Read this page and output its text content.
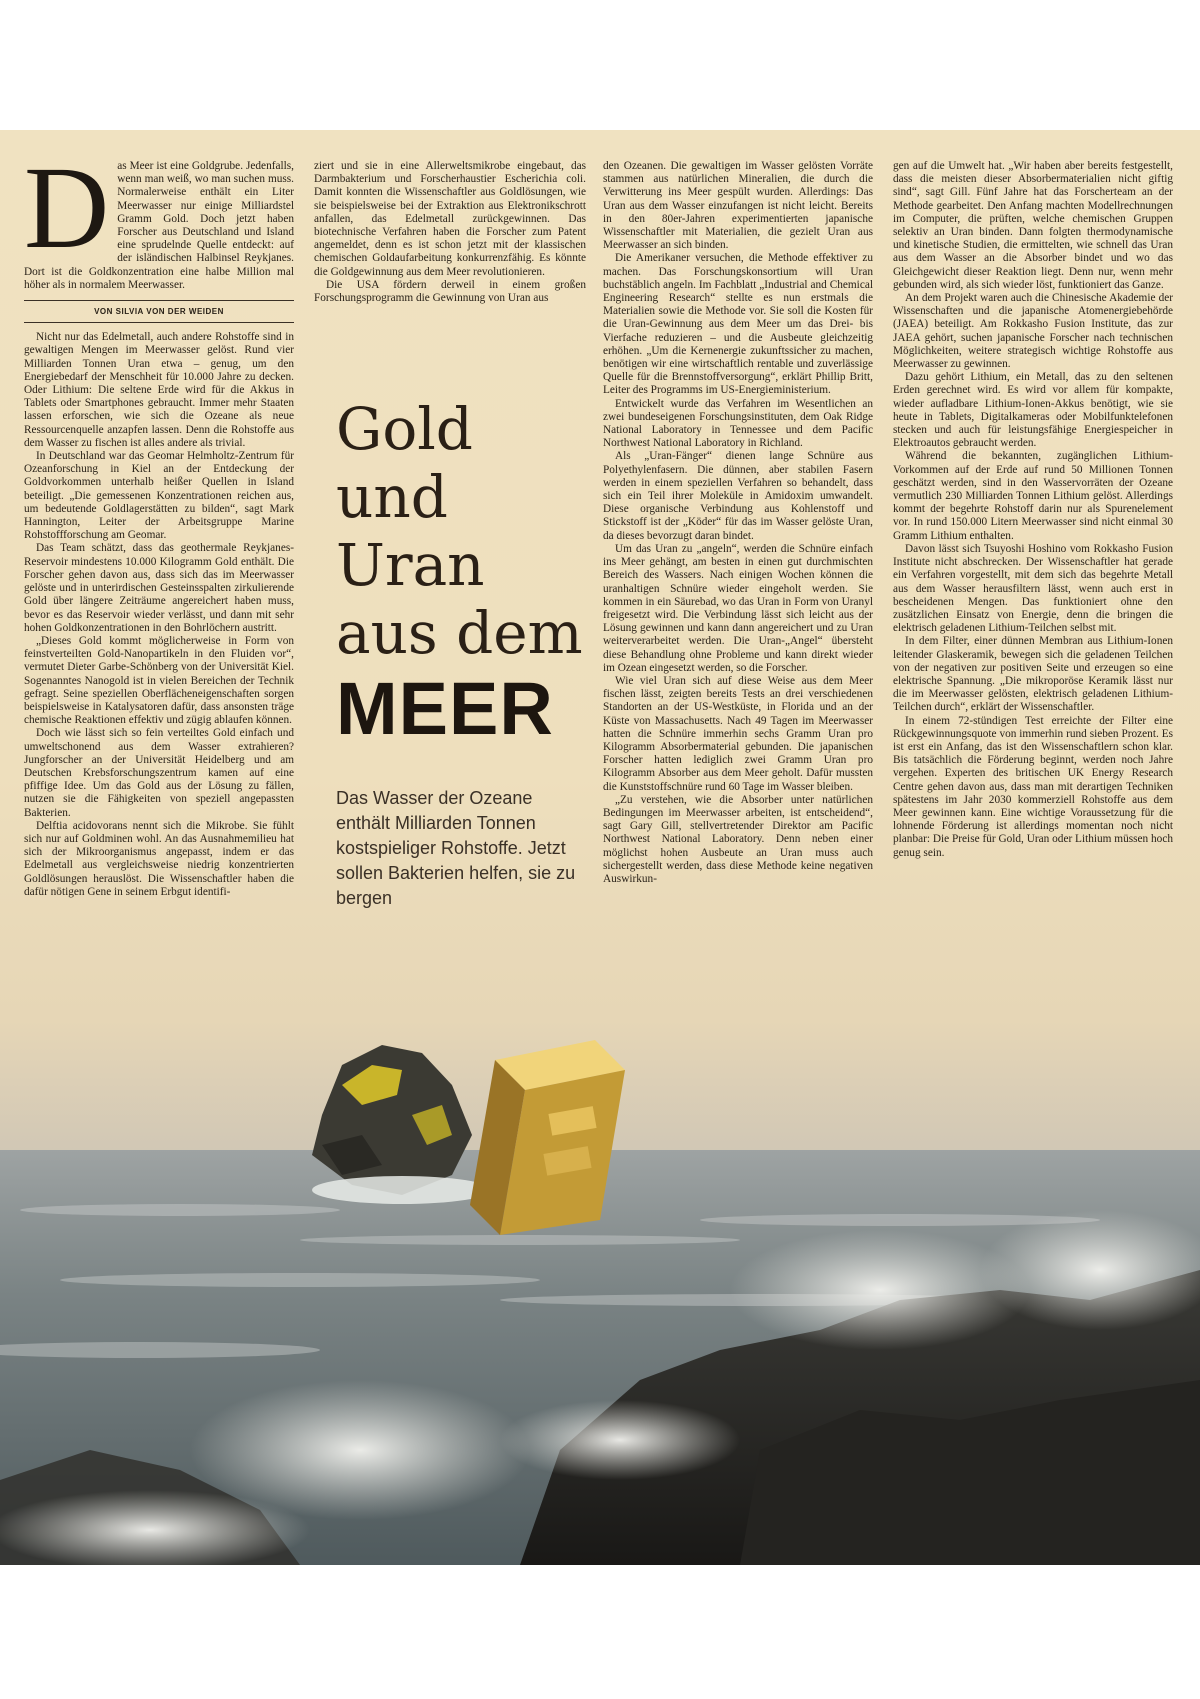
Das Meer ist eine Goldgrube. Jedenfalls, wenn man weiß, wo man suchen muss. Normalerweise enthält ein Liter Meerwasser nur einige Milliardstel Gramm Gold. Doch jetzt haben Forscher aus Deutschland und Island eine sprudelnde Quelle entdeckt: auf der isländischen Halbinsel Reykjanes. Dort ist die Goldkonzentration eine halbe Million mal höher als in normalem Meerwasser.

VON SILVIA VON DER WEIDEN

Nicht nur das Edelmetall, auch andere Rohstoffe sind in gewaltigen Mengen im Meerwasser gelöst. Rund vier Milliarden Tonnen Uran etwa – genug, um den Energiebedarf der Menschheit für 10.000 Jahre zu decken. Oder Lithium: Die seltene Erde wird für die Akkus in Tablets oder Smartphones gebraucht. Immer mehr Staaten lassen erforschen, wie sich die Ozeane als neue Ressourcenquelle anzapfen lassen. Denn die Rohstoffe aus dem Wasser zu fischen ist alles andere als trivial.

In Deutschland war das Geomar Helmholtz-Zentrum für Ozeanforschung in Kiel an der Entdeckung der Goldvorkommen unterhalb heißer Quellen in Island beteiligt. „Die gemessenen Konzentrationen reichen aus, um bedeutende Goldlagerstätten zu bilden“, sagt Mark Hannington, Leiter der Arbeitsgruppe Marine Rohstoffforschung am Geomar.

Das Team schätzt, dass das geothermale Reykjanes-Reservoir mindestens 10.000 Kilogramm Gold enthält. Die Forscher gehen davon aus, dass sich das im Meerwasser gelöste und in unterirdischen Gesteinsspalten zirkulierende Gold über längere Zeiträume angereichert haben muss, bevor es das Reservoir wieder verlässt, und dann mit sehr hohen Goldkonzentrationen in den Bohrlöchern austritt.

„Dieses Gold kommt möglicherweise in Form von feinstverteilten Gold-Nanopartikeln in den Fluiden vor“, vermutet Dieter Garbe-Schönberg von der Universität Kiel. Sogenanntes Nanogold ist in vielen Bereichen der Technik gefragt. Seine speziellen Oberflächeneigenschaften sorgen beispielsweise in Katalysatoren dafür, dass ansonsten träge chemische Reaktionen effektiv und zügig ablaufen können.

Doch wie lässt sich so fein verteiltes Gold einfach und umweltschonend aus dem Wasser extrahieren? Jungforscher an der Universität Heidelberg und am Deutschen Krebsforschungszentrum kamen auf eine pfiffige Idee. Um das Gold aus der Lösung zu fällen, nutzen sie die Fähigkeiten von speziell angepassten Bakterien.

Delftia acidovorans nennt sich die Mikrobe. Sie fühlt sich nur auf Goldminen wohl. An das Ausnahmemilieu hat sich der Mikroorganismus angepasst, indem er das Edelmetall aus vergleichsweise niedrig konzentrierten Goldlösungen herauslöst. Die Wissenschaftler haben die dafür nötigen Gene in seinem Erbgut identifi-

ziert und sie in eine Allerweltsmikrobe eingebaut, das Darmbakterium und Forscherhaustier Escherichia coli. Damit konnten die Wissenschaftler aus Goldlösungen, wie sie beispielsweise bei der Extraktion aus Elektronikschrott anfallen, das Edelmetall zurückgewinnen. Das biotechnische Verfahren haben die Forscher zum Patent angemeldet, denn es ist schon jetzt mit der klassischen chemischen Goldaufarbeitung konkurrenzfähig. Es könnte die Goldgewinnung aus dem Meer revolutionieren.

Die USA fördern derweil in einem großen Forschungsprogramm die Gewinnung von Uran aus

Gold
und
Uran
aus dem
MEER
Das Wasser der Ozeane enthält Milliarden Tonnen kostspieliger Rohstoffe. Jetzt sollen Bakterien helfen, sie zu bergen

den Ozeanen. Die gewaltigen im Wasser gelösten Vorräte stammen aus natürlichen Mineralien, die durch die Verwitterung ins Meer gespült wurden. Allerdings: Das Uran aus dem Wasser einzufangen ist nicht leicht. Bereits in den 80er-Jahren experimentierten japanische Wissenschaftler mit Materialien, die gezielt Uran aus Meerwasser an sich binden.

Die Amerikaner versuchen, die Methode effektiver zu machen. Das Forschungskonsortium will Uran buchstäblich angeln. Im Fachblatt „Industrial and Chemical Engineering Research“ stellte es nun erstmals die Materialien sowie die Methode vor. Sie soll die Kosten für die Uran-Gewinnung aus dem Meer um das Drei- bis Vierfache reduzieren – und die Ausbeute gleichzeitig erhöhen. „Um die Kernenergie zukunftssicher zu machen, benötigen wir eine wirtschaftlich rentable und zuverlässige Quelle für die Brennstoffversorgung“, erklärt Phillip Britt, Leiter des Programms im US-Energieministerium.

Entwickelt wurde das Verfahren im Wesentlichen an zwei bundeseigenen Forschungsinstituten, dem Oak Ridge National Laboratory in Tennessee und dem Pacific Northwest National Laboratory in Richland.

Als „Uran-Fänger“ dienen lange Schnüre aus Polyethylenfasern. Die dünnen, aber stabilen Fasern werden in einem speziellen Verfahren so behandelt, dass sich ein Teil ihrer Moleküle in Amidoxim umwandelt. Diese organische Verbindung aus Kohlenstoff und Stickstoff ist der „Köder“ für das im Wasser gelöste Uran, da dieses bevorzugt daran bindet.

Um das Uran zu „angeln“, werden die Schnüre einfach ins Meer gehängt, am besten in einen gut durchmischten Bereich des Wassers. Nach einigen Wochen können die uranhaltigen Schnüre wieder eingeholt werden. Sie kommen in ein Säurebad, wo das Uran in Form von Uranyl freigesetzt wird. Die Verbindung lässt sich leicht aus der Lösung gewinnen und kann dann angereichert und zu Uran weiterverarbeitet werden. Die Uran-„Angel“ übersteht diese Behandlung ohne Probleme und kann direkt wieder im Ozean eingesetzt werden, so die Forscher.

Wie viel Uran sich auf diese Weise aus dem Meer fischen lässt, zeigten bereits Tests an drei verschiedenen Standorten an der US-Westküste, in Florida und an der Küste von Massachusetts. Nach 49 Tagen im Meerwasser hatten die Schnüre immerhin sechs Gramm Uran pro Kilogramm Absorbermaterial gebunden. Die japanischen Forscher hatten lediglich zwei Gramm Uran pro Kilogramm Absorber aus dem Meer geholt. Dafür mussten die Kunststoffschnüre rund 60 Tage im Wasser bleiben.

„Zu verstehen, wie die Absorber unter natürlichen Bedingungen im Meerwasser arbeiten, ist entscheidend“, sagt Gary Gill, stellvertretender Direktor am Pacific Northwest National Laboratory. Denn neben einer möglichst hohen Ausbeute an Uran muss auch sichergestellt werden, dass diese Methode keine negativen Auswirkun-

gen auf die Umwelt hat. „Wir haben aber bereits festgestellt, dass die meisten dieser Absorbermaterialien nicht giftig sind“, sagt Gill. Fünf Jahre hat das Forscherteam an der Methode gearbeitet. Den Anfang machten Modellrechnungen im Computer, die prüften, welche chemischen Gruppen selektiv an Uran binden. Dann folgten thermodynamische und kinetische Studien, die ermittelten, wie schnell das Uran aus dem Wasser an die Absorber bindet und wo das Gleichgewicht dieser Reaktion liegt. Denn nur, wenn mehr gebunden wird, als sich wieder löst, funktioniert das Ganze.

An dem Projekt waren auch die Chinesische Akademie der Wissenschaften und die japanische Atomenergiebehörde (JAEA) beteiligt. Am Rokkasho Fusion Institute, das zur JAEA gehört, suchen japanische Forscher nach technischen Möglichkeiten, weitere strategisch wichtige Rohstoffe aus Meerwasser zu gewinnen.

Dazu gehört Lithium, ein Metall, das zu den seltenen Erden gerechnet wird. Es wird vor allem für kompakte, wieder aufladbare Lithium-Ionen-Akkus benötigt, wie sie heute in Tablets, Digitalkameras oder Mobilfunktelefonen stecken und auch für leistungsfähige Energiespeicher in Elektroautos gebraucht werden.

Während die bekannten, zugänglichen Lithium-Vorkommen auf der Erde auf rund 50 Millionen Tonnen geschätzt werden, sind in den Wasservorräten der Ozeane vermutlich 230 Milliarden Tonnen Lithium gelöst. Allerdings kommt der begehrte Rohstoff darin nur als Spurenelement vor. In rund 150.000 Litern Meerwasser sind nicht einmal 30 Gramm Lithium enthalten.

Davon lässt sich Tsuyoshi Hoshino vom Rokkasho Fusion Institute nicht abschrecken. Der Wissenschaftler hat gerade ein Verfahren vorgestellt, mit dem sich das begehrte Metall aus dem Wasser herausfiltern lässt, wenn auch erst in bescheidenen Mengen. Das funktioniert ohne den zusätzlichen Einsatz von Energie, denn die bringen die elektrisch geladenen Lithium-Teilchen selbst mit.

In dem Filter, einer dünnen Membran aus Lithium-Ionen leitender Glaskeramik, bewegen sich die geladenen Teilchen von der negativen zur positiven Seite und erzeugen so eine elektrische Spannung. „Die mikroporöse Keramik lässt nur die im Meerwasser gelösten, elektrisch geladenen Lithium-Teilchen durch“, erklärt der Wissenschaftler.

In einem 72-stündigen Test erreichte der Filter eine Rückgewinnungsquote von immerhin rund sieben Prozent. Es ist erst ein Anfang, das ist den Wissenschaftlern schon klar. Bis tatsächlich die Förderung beginnt, werden noch Jahre vergehen. Experten des britischen UK Energy Research Centre gehen davon aus, dass man mit derartigen Techniken spätestens im Jahr 2030 kommerziell Rohstoffe aus dem Meer gewinnen kann. Eine wichtige Voraussetzung für die lohnende Förderung ist allerdings momentan noch nicht planbar: Die Preise für Gold, Uran oder Lithium müssen hoch genug sein.
